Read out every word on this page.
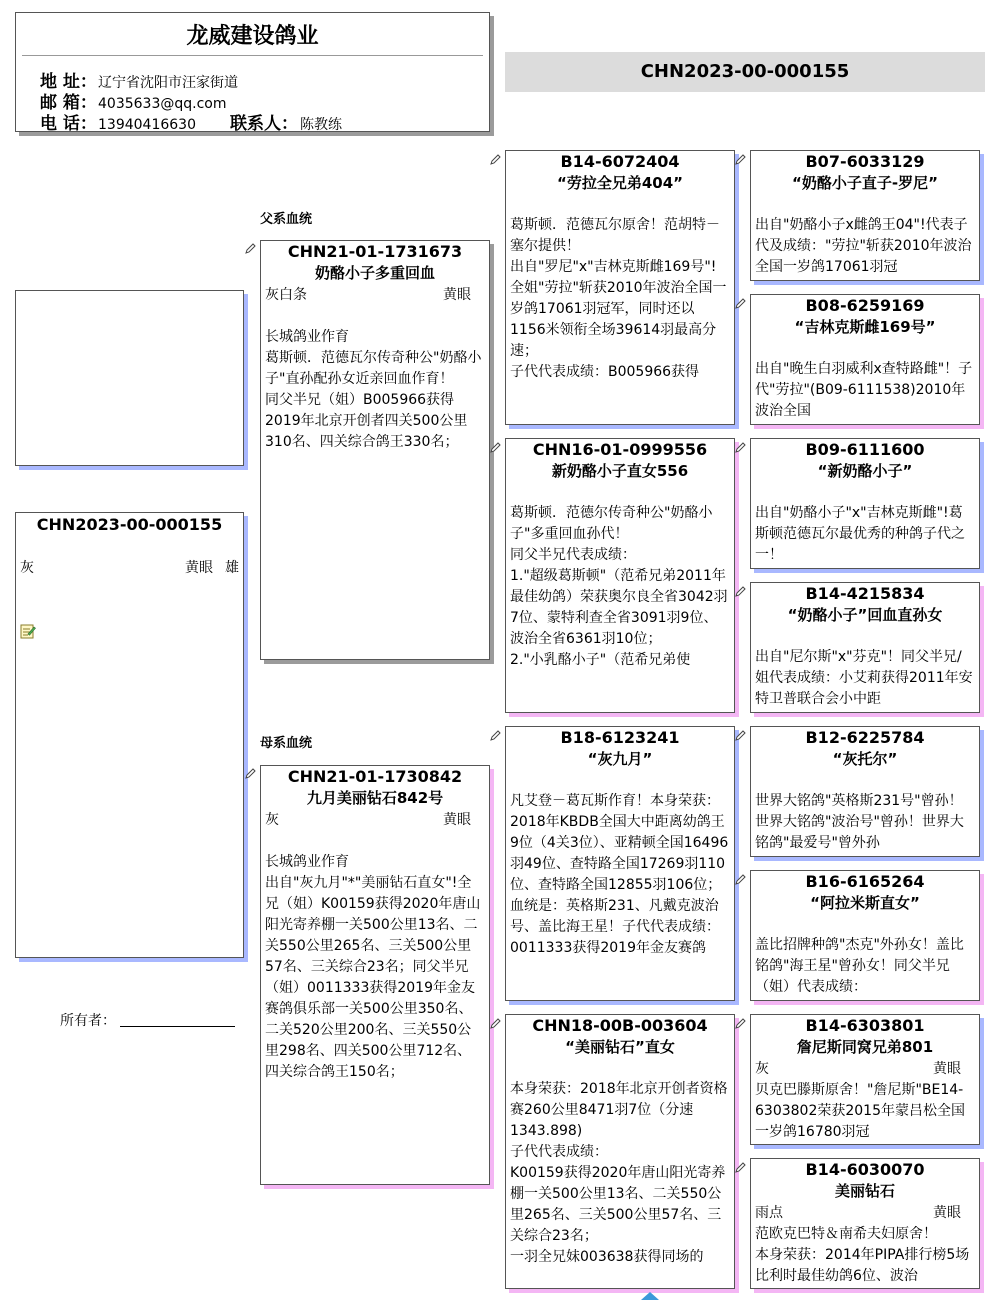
龙威建设鸽业
地 址：辽宁省沈阳市汪家街道
邮 箱：4035633@qq.com
电 话：13940416630 联系人： 陈教练
CHN2023-00-000155
CHN2023-00-000155
灰	黄眼 雄
所有者：
父系血统
母系血统
CHN21-01-1731673
奶酪小子多重回血
灰白条	黄眼

长城鸽业作育
葛斯顿．范德瓦尔传奇种公"奶酪小子"直孙配孙女近亲回血作育！
同父半兄（姐）B005966获得2019年北京开创者四关500公里310名、四关综合鸽王330名；
CHN21-01-1730842
九月美丽钻石842号
灰	黄眼

长城鸽业作育
出自"灰九月"*"美丽钻石直女"!全兄（姐）K00159获得2020年唐山阳光寄养棚一关500公里13名、二关550公里265名、三关500公里57名、三关综合23名；同父半兄（姐）0011333获得2019年金友赛鸽俱乐部一关500公里350名、二关520公里200名、三关550公里298名、四关500公里712名、四关综合鸽王150名；
B14-6072404
“劳拉全兄弟404”

葛斯顿．范德瓦尔原舍！范胡特－塞尔提供！
出自"罗尼"x"吉林克斯雌169号"!
全姐"劳拉"斩获2010年波治全国一岁鸽17061羽冠军，同时还以1156米领衔全场39614羽最高分速；
子代代表成绩：B005966获得
CHN16-01-0999556
新奶酪小子直女556

葛斯顿．范德尔传奇种公"奶酪小子"多重回血孙代！
同父半兄代表成绩：
1."超级葛斯顿"（范希兄弟2011年最佳幼鸽）荣获奥尔良全省3042羽7位、蒙特利查全省3091羽9位、波治全省6361羽10位；
2."小乳酪小子"（范希兄弟使
B18-6123241
“灰九月”

凡艾登－葛瓦斯作育！本身荣获：2018年KBDB全国大中距离幼鸽王9位（4关3位）、亚精顿全国16496羽49位、查特路全国17269羽110位、查特路全国12855羽106位；血统是：英格斯231、凡戴克波治号、盖比海王星！子代代表成绩：0011333获得2019年金友赛鸽
CHN18-00B-003604
“美丽钻石”直女

本身荣获：2018年北京开创者资格赛260公里8471羽7位（分速1343.898)
子代代表成绩：
K00159获得2020年唐山阳光寄养棚一关500公里13名、二关550公里265名、三关500公里57名、三关综合23名；
一羽全兄妹003638获得同场的
B07-6033129
“奶酪小子直子-罗尼”

出自"奶酪小子x雌鸽王04"!代表子代及成绩："劳拉"斩获2010年波治全国一岁鸽17061羽冠
B08-6259169
“吉林克斯雌169号”

出自"晚生白羽威利x查特路雌"！子代"劳拉"(B09-6111538)2010年波治全国
B09-6111600
“新奶酪小子”

出自"奶酪小子"x"吉林克斯雌"!葛斯顿范德瓦尔最优秀的种鸽子代之一！
B14-4215834
“奶酪小子”回血直孙女

出自"尼尔斯"x"芬克"！同父半兄/姐代表成绩：小艾莉获得2011年安特卫普联合会小中距
B12-6225784
“灰托尔”

世界大铭鸽"英格斯231号"曾孙！世界大铭鸽"波治号"曾孙！世界大铭鸽"最爱号"曾外孙
B16-6165264
“阿拉米斯直女”

盖比招牌种鸽"杰克"外孙女！盖比铭鸽"海王星"曾孙女！同父半兄（姐）代表成绩：
B14-6303801
詹尼斯同窝兄弟801
灰	黄眼
贝克巴滕斯原舍！"詹尼斯"BE14-6303802荣获2015年蒙吕松全国一岁鸽16780羽冠
B14-6030070
美丽钻石
雨点	黄眼
范欧克巴特＆南希夫妇原舍！
本身荣获：2014年PIPA排行榜5场比利时最佳幼鸽6位、波治
